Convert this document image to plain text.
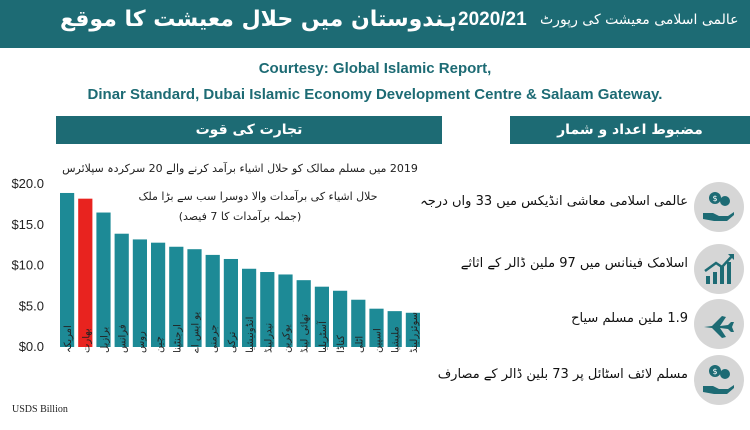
ہندوستان میں حلال معیشت کا موقع 2020/21 عالمی اسلامی معیشت کی رپورٹ
Courtesy: Global Islamic Report,
Dinar Standard, Dubai Islamic Economy Development Centre & Salaam Gateway.
تجارت کی قوت	مضبوط اعداد و شمار
2019 میں مسلم ممالک کو حلال اشیاء برآمد کرنے والے 20 سرکردہ سپلائرس
حلال اشیاء کی برآمدات والا دوسرا سب سے بڑا ملک
(جملہ برآمدات کا 7 فیصد)
$0.0
$5.0
$10.0
$15.0
$20.0
امریکہ بھارت برازیل فرانس روس چین ارجنٹینا یو ایس اے جرمنی ترکی انڈونیشیا نیدرلینڈ یوکرین تھائی لینڈ آسٹریلیا کناڈا اٹلی اسپین ملیشیا سوئزرلینڈ
USDS Billion
عالمی اسلامی معاشی انڈیکس میں 33 واں درجہ	$
اسلامک فینانس میں 97 ملین ڈالر کے اثاثے
1.9 ملین مسلم سیاح
مسلم لائف اسٹائل پر 73 بلین ڈالر کے مصارف	$
